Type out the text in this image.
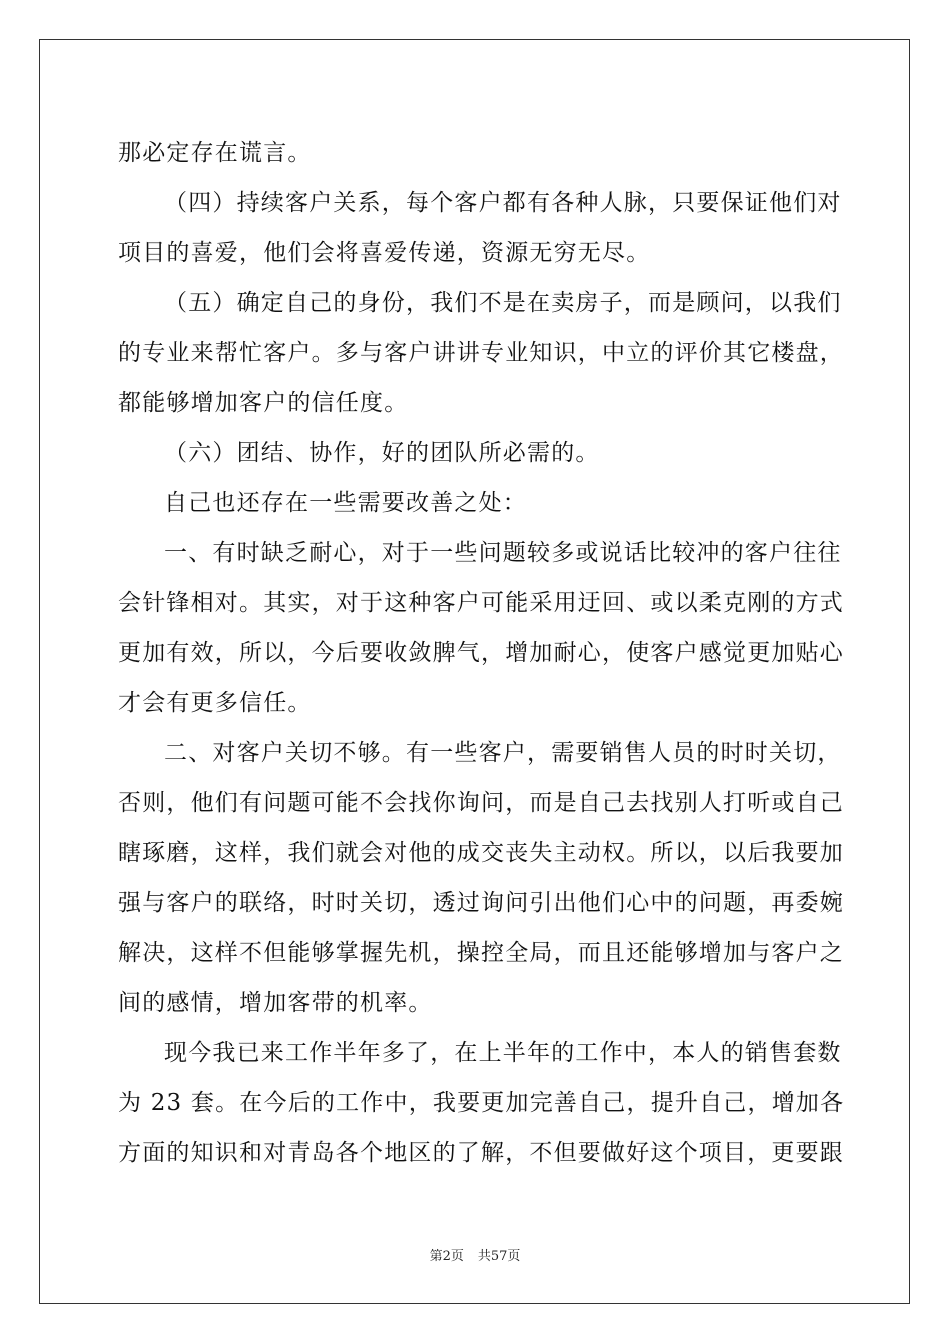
那必定存在谎言。
（四）持续客户关系，每个客户都有各种人脉，只要保证他们对
项目的喜爱，他们会将喜爱传递，资源无穷无尽。
（五）确定自己的身份，我们不是在卖房子，而是顾问，以我们
的专业来帮忙客户。多与客户讲讲专业知识，中立的评价其它楼盘，
都能够增加客户的信任度。
（六）团结、协作，好的团队所必需的。
自己也还存在一些需要改善之处：
一、有时缺乏耐心，对于一些问题较多或说话比较冲的客户往往
会针锋相对。其实，对于这种客户可能采用迂回、或以柔克刚的方式
更加有效，所以，今后要收敛脾气，增加耐心，使客户感觉更加贴心
才会有更多信任。
二、对客户关切不够。有一些客户，需要销售人员的时时关切，
否则，他们有问题可能不会找你询问，而是自己去找别人打听或自己
瞎琢磨，这样，我们就会对他的成交丧失主动权。所以，以后我要加
强与客户的联络，时时关切，透过询问引出他们心中的问题，再委婉
解决，这样不但能够掌握先机，操控全局，而且还能够增加与客户之
间的感情，增加客带的机率。
现今我已来工作半年多了，在上半年的工作中，本人的销售套数
为 23 套。在今后的工作中，我要更加完善自己，提升自己，增加各
方面的知识和对青岛各个地区的了解，不但要做好这个项目，更要跟
第2页 共57页
